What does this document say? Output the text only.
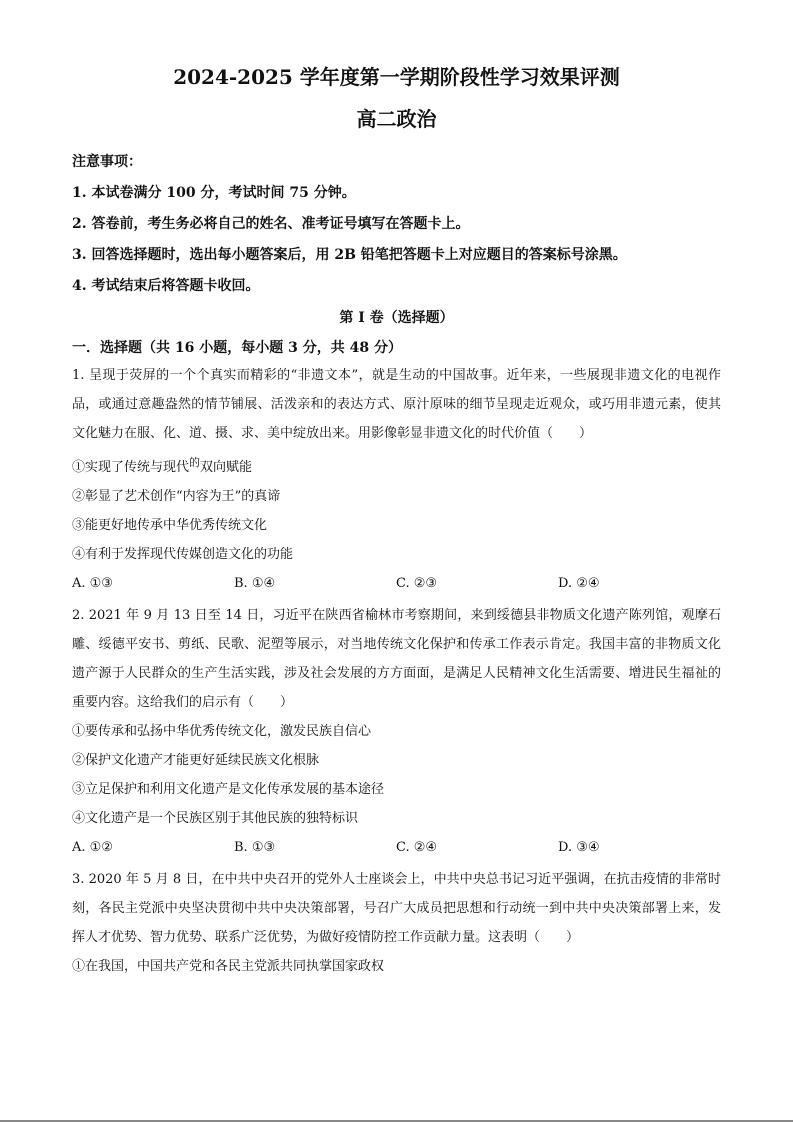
2024-2025 学年度第一学期阶段性学习效果评测
高二政治
注意事项：
1. 本试卷满分 100 分，考试时间 75 分钟。
2. 答卷前，考生务必将自己的姓名、准考证号填写在答题卡上。
3. 回答选择题时，选出每小题答案后，用 2B 铅笔把答题卡上对应题目的答案标号涂黑。
4. 考试结束后将答题卡收回。
第 I 卷（选择题）
一．选择题（共 16 小题，每小题 3 分，共 48 分）
1. 呈现于荧屏的一个个真实而精彩的“非遗文本”，就是生动的中国故事。近年来，一些展现非遗文化的电视作品，或通过意趣盎然的情节铺展、活泼亲和的表达方式、原汁原味的细节呈现走近观众，或巧用非遗元素，使其文化魅力在服、化、道、摄、求、美中绽放出来。用影像彰显非遗文化的时代价值（　　）
①实现了传统与现代$^的$双向赋能
②彰显了艺术创作“内容为王”的真谛
③能更好地传承中华优秀传统文化
④有利于发挥现代传媒创造文化的功能
A. ①③	B. ①④	C. ②③	D. ②④
2. 2021 年 9 月 13 日至 14 日，习近平在陕西省榆林市考察期间，来到绥德县非物质文化遗产陈列馆，观摩石雕、绥德平安书、剪纸、民歌、泥塑等展示，对当地传统文化保护和传承工作表示肯定。我国丰富的非物质文化遗产源于人民群众的生产生活实践，涉及社会发展的方方面面，是满足人民精神文化生活需要、增进民生福祉的重要内容。这给我们的启示有（　　）
①要传承和弘扬中华优秀传统文化，激发民族自信心
②保护文化遗产才能更好延续民族文化根脉
③立足保护和利用文化遗产是文化传承发展的基本途径
④文化遗产是一个民族区别于其他民族的独特标识
A. ①②	B. ①③	C. ②④	D. ③④
3. 2020 年 5 月 8 日，在中共中央召开的党外人士座谈会上，中共中央总书记习近平强调，在抗击疫情的非常时刻，各民主党派中央坚决贯彻中共中央决策部署，号召广大成员把思想和行动统一到中共中央决策部署上来，发挥人才优势、智力优势、联系广泛优势，为做好疫情防控工作贡献力量。这表明（　　）
①在我国，中国共产党和各民主党派共同执掌国家政权
